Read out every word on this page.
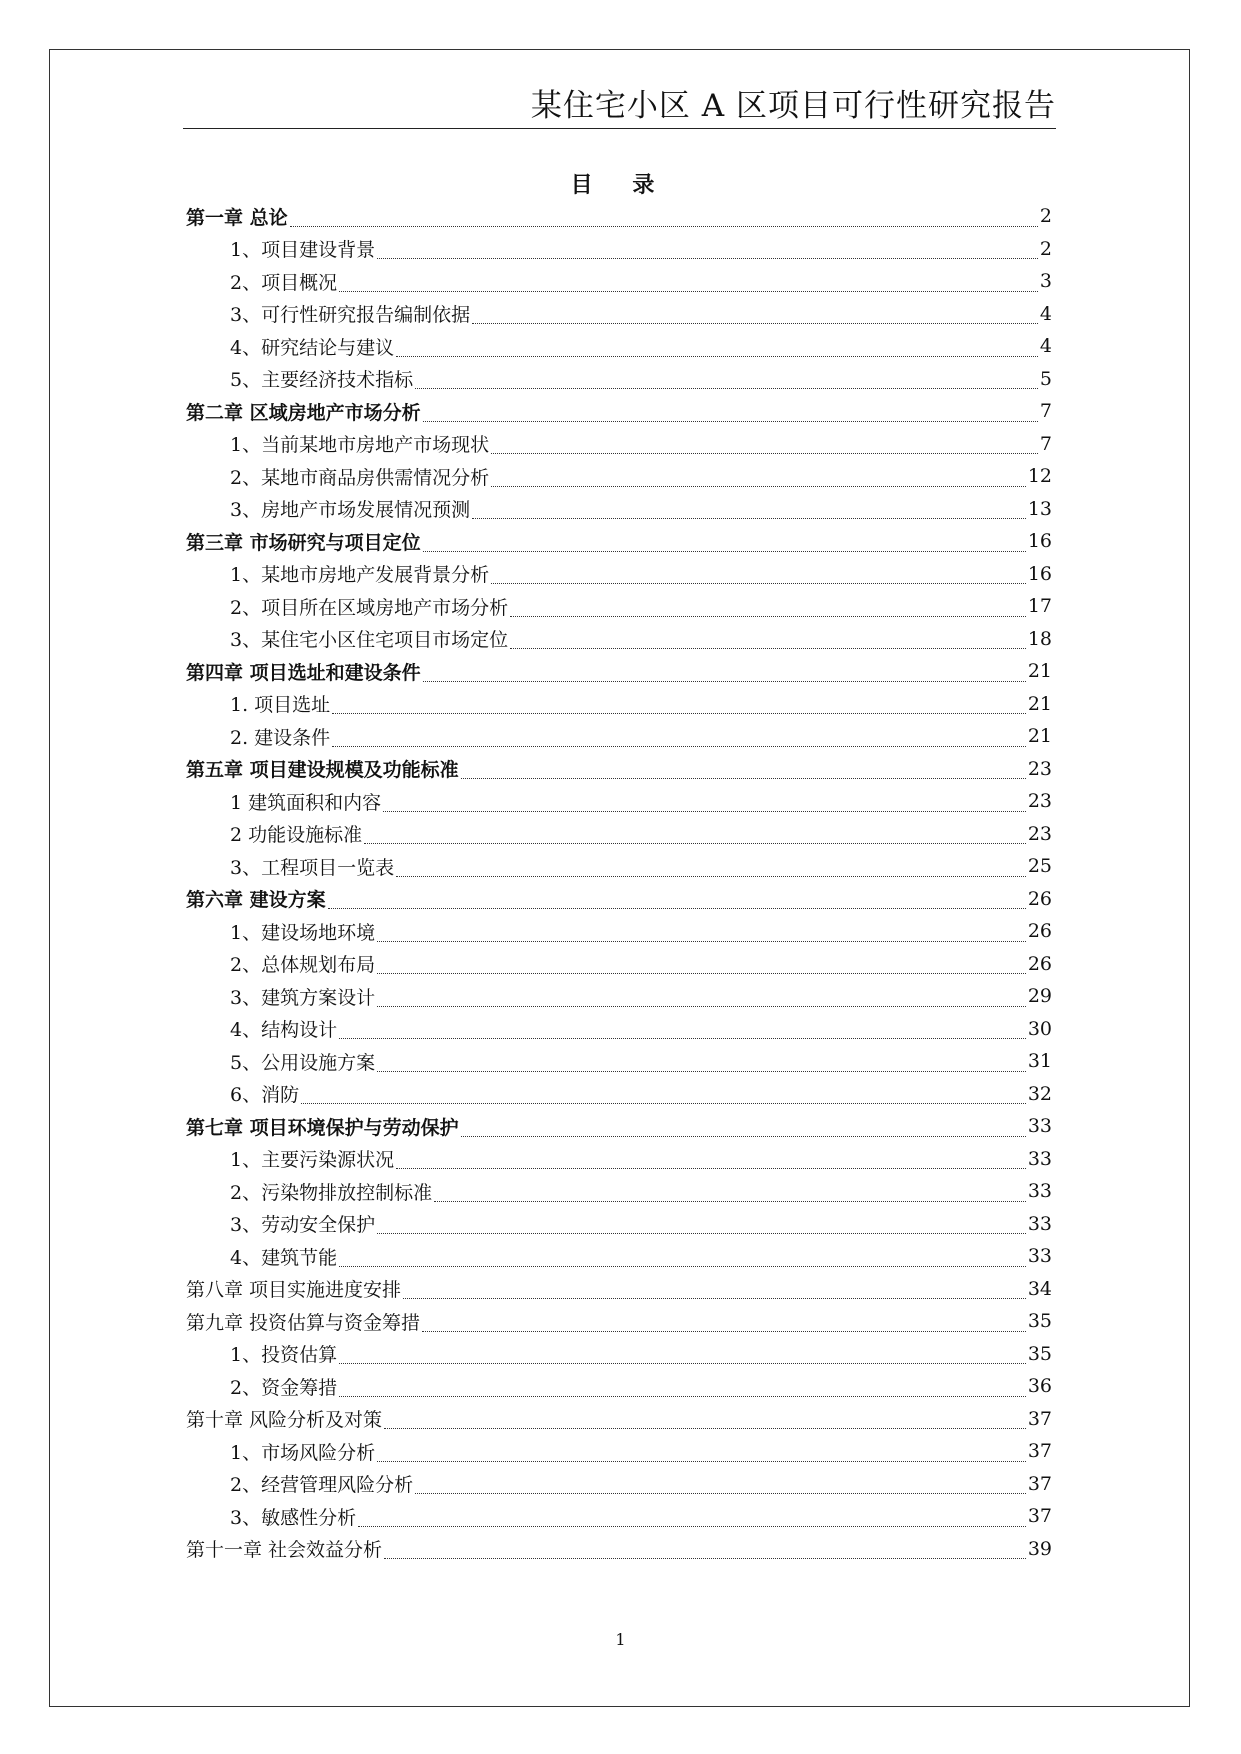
某住宅小区 A 区项目可行性研究报告
目 录
第一章 总论	2
1、项目建设背景	2
2、项目概况	3
3、可行性研究报告编制依据	4
4、研究结论与建议	4
5、主要经济技术指标	5
第二章 区域房地产市场分析	7
1、当前某地市房地产市场现状	7
2、某地市商品房供需情况分析	12
3、房地产市场发展情况预测	13
第三章 市场研究与项目定位	16
1、某地市房地产发展背景分析	16
2、项目所在区域房地产市场分析	17
3、某住宅小区住宅项目市场定位	18
第四章 项目选址和建设条件	21
1. 项目选址	21
2. 建设条件	21
第五章 项目建设规模及功能标准	23
1 建筑面积和内容	23
2 功能设施标准	23
3、工程项目一览表	25
第六章 建设方案	26
1、建设场地环境	26
2、总体规划布局	26
3、建筑方案设计	29
4、结构设计	30
5、公用设施方案	31
6、消防	32
第七章 项目环境保护与劳动保护	33
1、主要污染源状况	33
2、污染物排放控制标准	33
3、劳动安全保护	33
4、建筑节能	33
第八章 项目实施进度安排	34
第九章 投资估算与资金筹措	35
1、投资估算	35
2、资金筹措	36
第十章 风险分析及对策	37
1、市场风险分析	37
2、经营管理风险分析	37
3、敏感性分析	37
第十一章 社会效益分析	39
1
